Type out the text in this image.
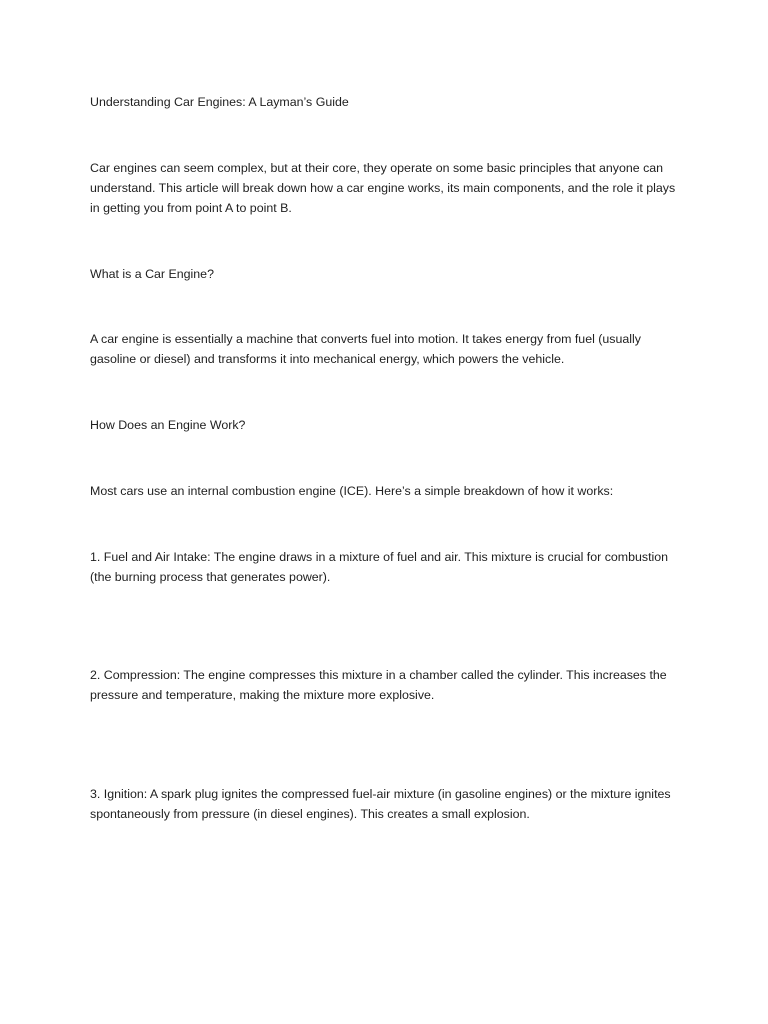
Understanding Car Engines: A Layman’s Guide

Car engines can seem complex, but at their core, they operate on some basic principles that anyone can understand. This article will break down how a car engine works, its main components, and the role it plays in getting you from point A to point B.

What is a Car Engine?

A car engine is essentially a machine that converts fuel into motion. It takes energy from fuel (usually gasoline or diesel) and transforms it into mechanical energy, which powers the vehicle.

How Does an Engine Work?

Most cars use an internal combustion engine (ICE). Here’s a simple breakdown of how it works:

1. Fuel and Air Intake: The engine draws in a mixture of fuel and air. This mixture is crucial for combustion (the burning process that generates power).

2. Compression: The engine compresses this mixture in a chamber called the cylinder. This increases the pressure and temperature, making the mixture more explosive.

3. Ignition: A spark plug ignites the compressed fuel-air mixture (in gasoline engines) or the mixture ignites spontaneously from pressure (in diesel engines). This creates a small explosion.
